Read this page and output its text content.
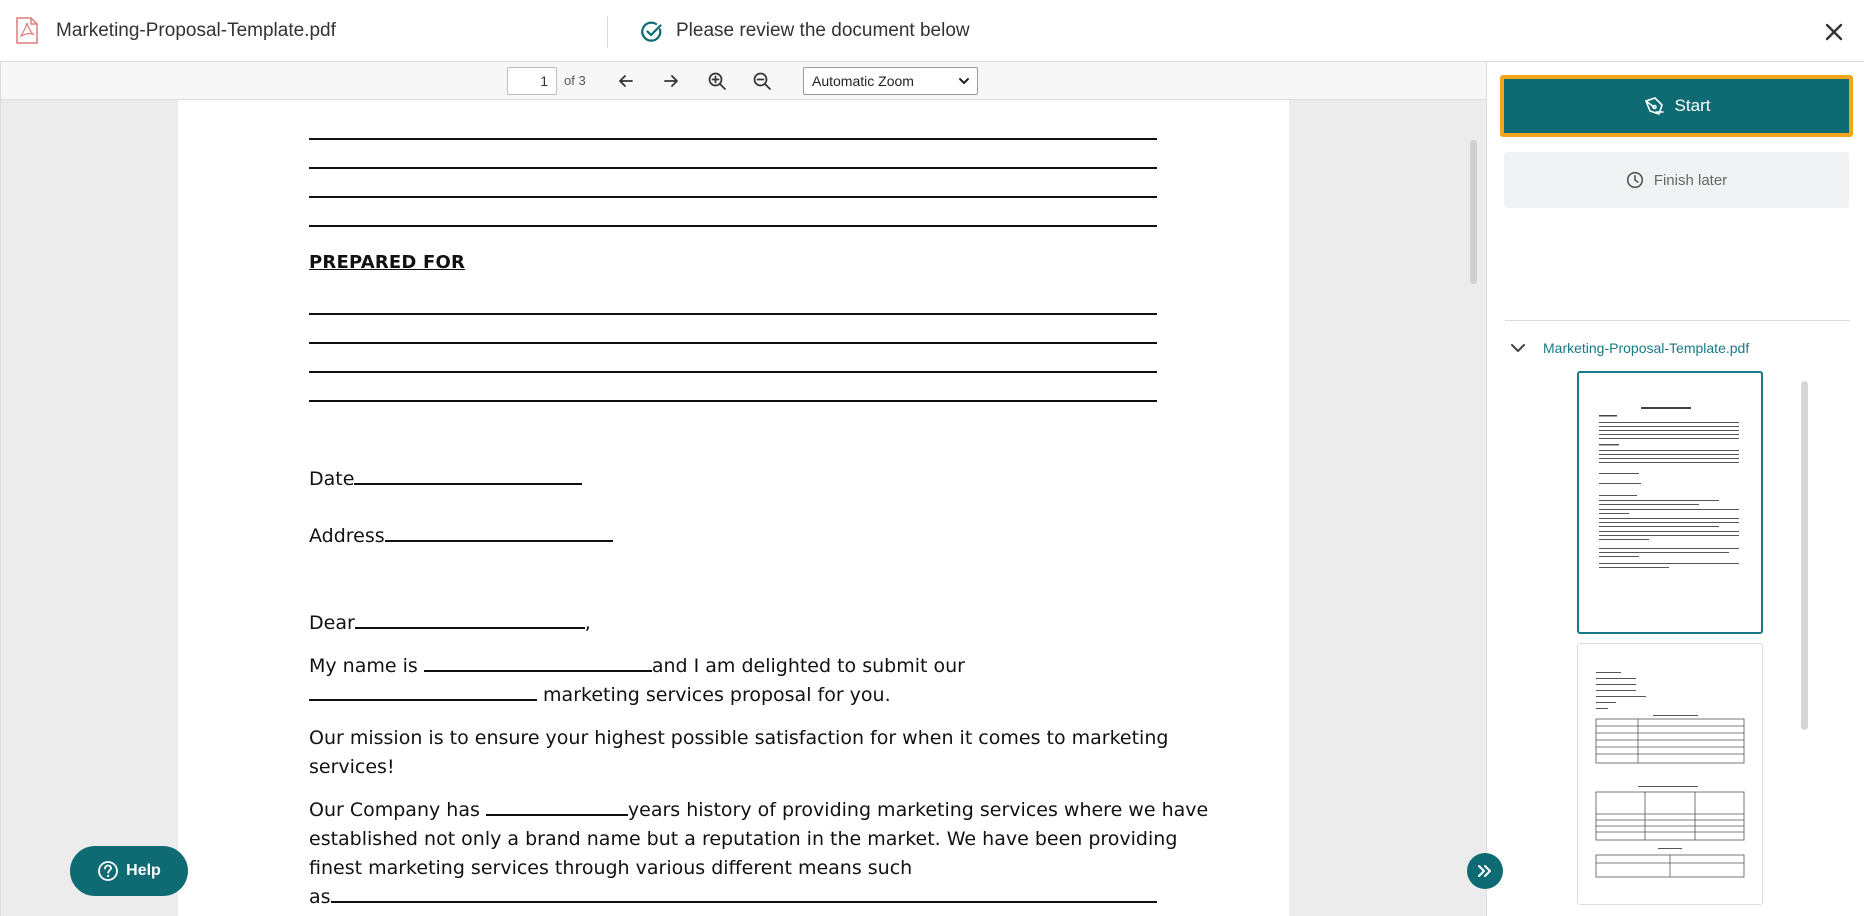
Marketing-Proposal-Template.pdf	Please review the document below
1
of 3	Automatic Zoom
PREPARED FOR
Date
Address
Dear	,
My name is	and I am delighted to submit our
marketing services proposal for you.
Our mission is to ensure your highest possible satisfaction for when it comes to marketing
services!
Our Company has	years history of providing marketing services where we have
established not only a brand name but a reputation in the market. We have been providing
finest marketing services through various different means such
as
Start
Finish later
Marketing-Proposal-Template.pdf
Help
